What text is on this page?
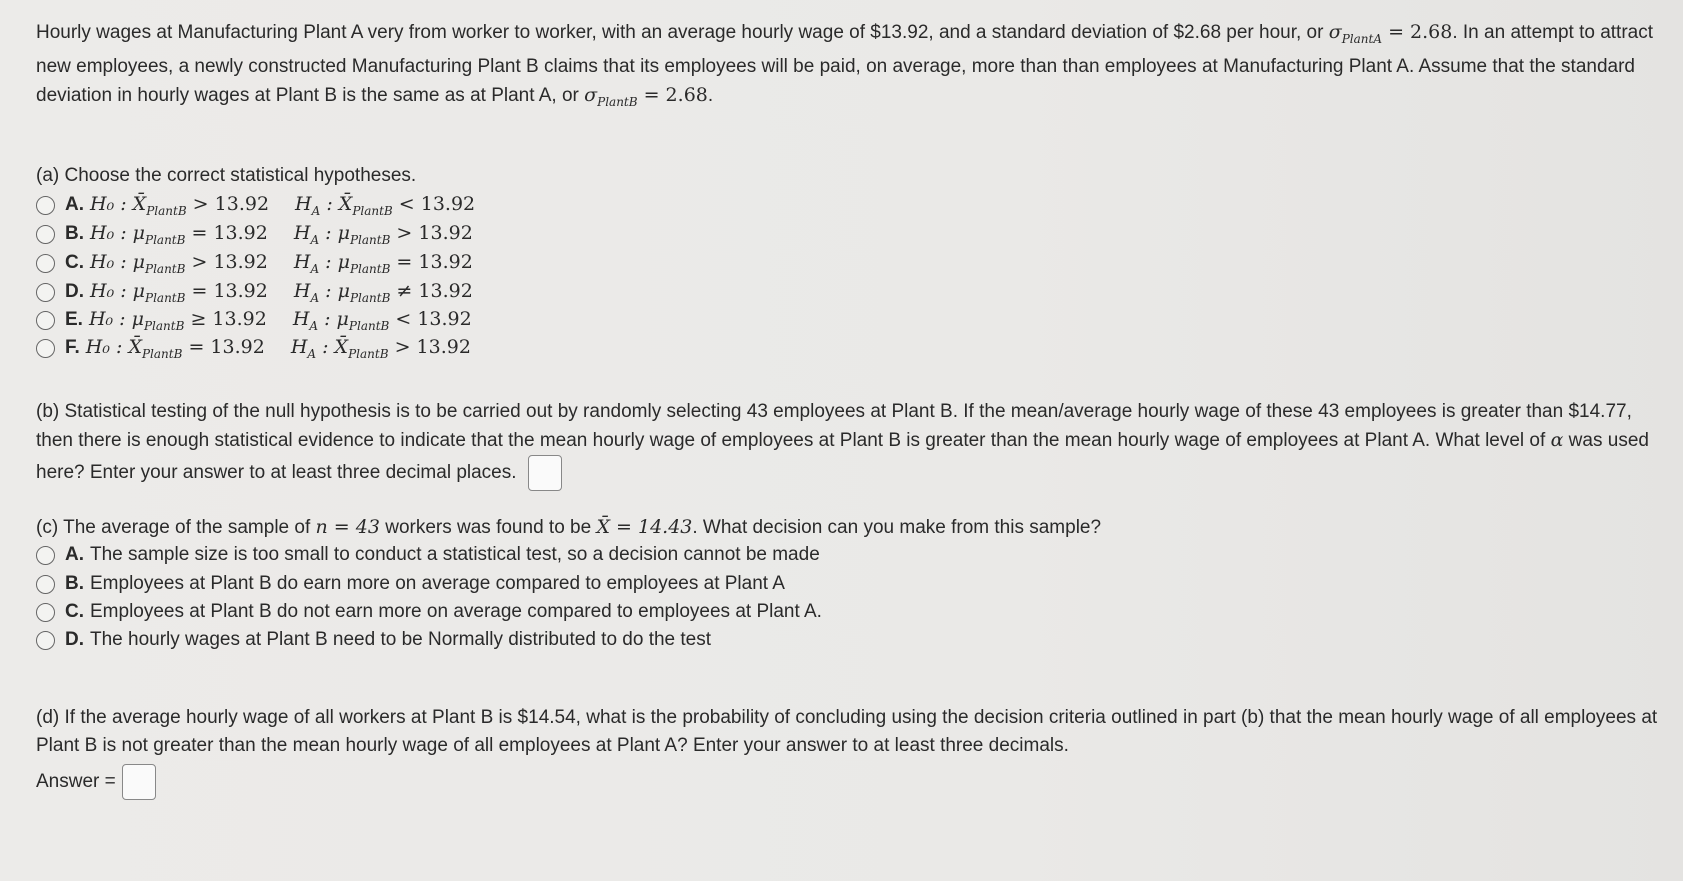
Hourly wages at Manufacturing Plant A very from worker to worker, with an average hourly wage of $13.92, and a standard deviation of $2.68 per hour, or $\sigma_{PlantA} = 2.68$. In an attempt to attract new employees, a newly constructed Manufacturing Plant B claims that its employees will be paid, on average, more than than employees at Manufacturing Plant A. Assume that the standard deviation in hourly wages at Plant B is the same as at Plant A, or $\sigma_{PlantB} = 2.68$.
(a) Choose the correct statistical hypotheses.
A. H₀ : $X̄_{PlantB} > 13.92$ $H_A$ : $X̄_{PlantB} < 13.92$
B. H₀ : $\mu_{PlantB} = 13.92$ $H_A$ : $\mu_{PlantB} > 13.92$
C. H₀ : $\mu_{PlantB} > 13.92$ $H_A$ : $\mu_{PlantB} = 13.92$
D. H₀ : $\mu_{PlantB} = 13.92$ $H_A$ : $\mu_{PlantB} \ne 13.92$
E. H₀ : $\mu_{PlantB} \ge 13.92$ $H_A$ : $\mu_{PlantB} < 13.92$
F. H₀ : $X̄_{PlantB} = 13.92$ $H_A$ : $X̄_{PlantB} > 13.92$
(b) Statistical testing of the null hypothesis is to be carried out by randomly selecting 43 employees at Plant B. If the mean/average hourly wage of these 43 employees is greater than $14.77, then there is enough statistical evidence to indicate that the mean hourly wage of employees at Plant B is greater than the mean hourly wage of employees at Plant A. What level of α was used here? Enter your answer to at least three decimal places.
(c) The average of the sample of n = 43 workers was found to be X̄ = 14.43. What decision can you make from this sample?
A. The sample size is too small to conduct a statistical test, so a decision cannot be made
B. Employees at Plant B do earn more on average compared to employees at Plant A
C. Employees at Plant B do not earn more on average compared to employees at Plant A.
D. The hourly wages at Plant B need to be Normally distributed to do the test
(d) If the average hourly wage of all workers at Plant B is $14.54, what is the probability of concluding using the decision criteria outlined in part (b) that the mean hourly wage of all employees at Plant B is not greater than the mean hourly wage of all employees at Plant A? Enter your answer to at least three decimals.
Answer =
